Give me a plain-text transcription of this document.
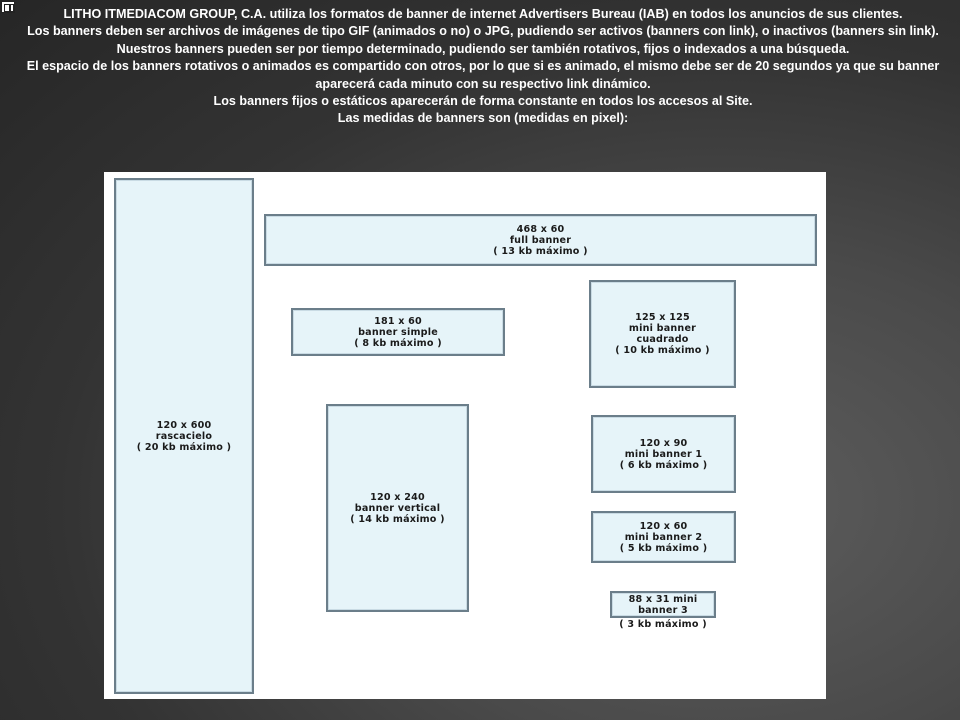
LITHO ITMEDIACOM GROUP, C.A. utiliza los formatos de banner de internet Advertisers Bureau (IAB) en todos los anuncios de sus clientes.

Los banners deben ser archivos de imágenes de tipo GIF (animados o no) o JPG, pudiendo ser activos (banners con link), o inactivos (banners sin link).

Nuestros banners pueden ser por tiempo determinado, pudiendo ser también rotativos, fijos o indexados a una búsqueda.

El espacio de los banners rotativos o animados es compartido con otros, por lo que si es animado, el mismo debe ser de 20 segundos ya que su banner aparecerá cada minuto con su respectivo link dinámico.

Los banners fijos o estáticos aparecerán de forma constante en todos los accesos al Site.

Las medidas de banners son (medidas en pixel):

120 x 600
rascacielo
( 20 kb máximo )
468 x 60
full banner
( 13 kb máximo )
181 x 60
banner simple
( 8 kb máximo )
125 x 125
mini banner
cuadrado
( 10 kb máximo )
120 x 240
banner vertical
( 14 kb máximo )
120 x 90
mini banner 1
( 6 kb máximo )
120 x 60
mini banner 2
( 5 kb máximo )
88 x 31 mini
banner 3
( 3 kb máximo )
